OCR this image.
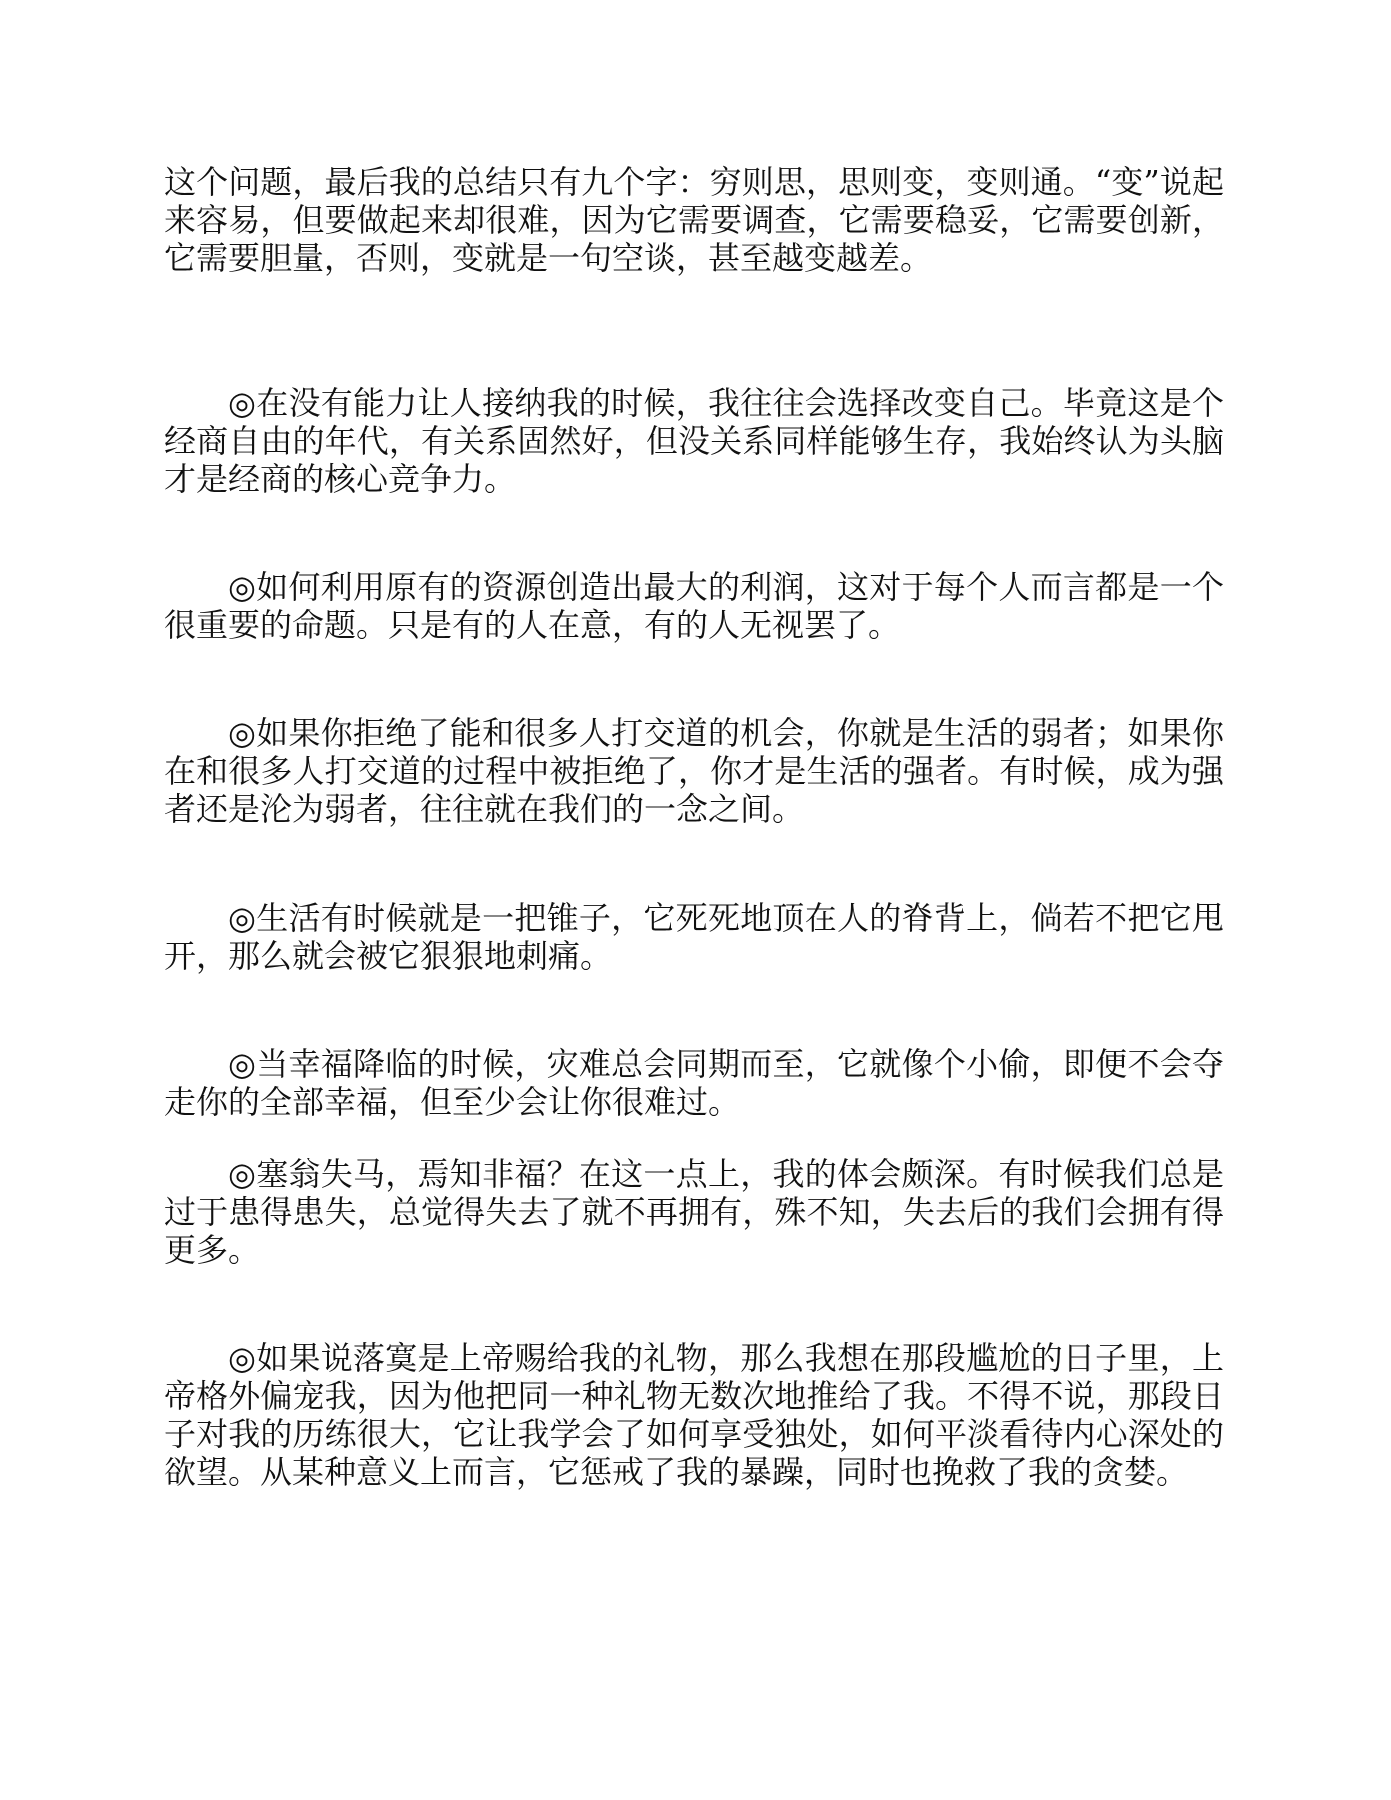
这个问题，最后我的总结只有九个字：穷则思，思则变，变则通。“变”说起来容易，但要做起来却很难，因为它需要调查，它需要稳妥，它需要创新，它需要胆量，否则，变就是一句空谈，甚至越变越差。

◎在没有能力让人接纳我的时候，我往往会选择改变自己。毕竟这是个经商自由的年代，有关系固然好，但没关系同样能够生存，我始终认为头脑才是经商的核心竞争力。

◎如何利用原有的资源创造出最大的利润，这对于每个人而言都是一个很重要的命题。只是有的人在意，有的人无视罢了。

◎如果你拒绝了能和很多人打交道的机会，你就是生活的弱者；如果你在和很多人打交道的过程中被拒绝了，你才是生活的强者。有时候，成为强者还是沦为弱者，往往就在我们的一念之间。

◎生活有时候就是一把锥子，它死死地顶在人的脊背上，倘若不把它甩开，那么就会被它狠狠地刺痛。

◎当幸福降临的时候，灾难总会同期而至，它就像个小偷，即便不会夺走你的全部幸福，但至少会让你很难过。

◎塞翁失马，焉知非福？在这一点上，我的体会颇深。有时候我们总是过于患得患失，总觉得失去了就不再拥有，殊不知，失去后的我们会拥有得更多。

◎如果说落寞是上帝赐给我的礼物，那么我想在那段尴尬的日子里，上帝格外偏宠我，因为他把同一种礼物无数次地推给了我。不得不说，那段日子对我的历练很大，它让我学会了如何享受独处，如何平淡看待内心深处的欲望。从某种意义上而言，它惩戒了我的暴躁，同时也挽救了我的贪婪。
